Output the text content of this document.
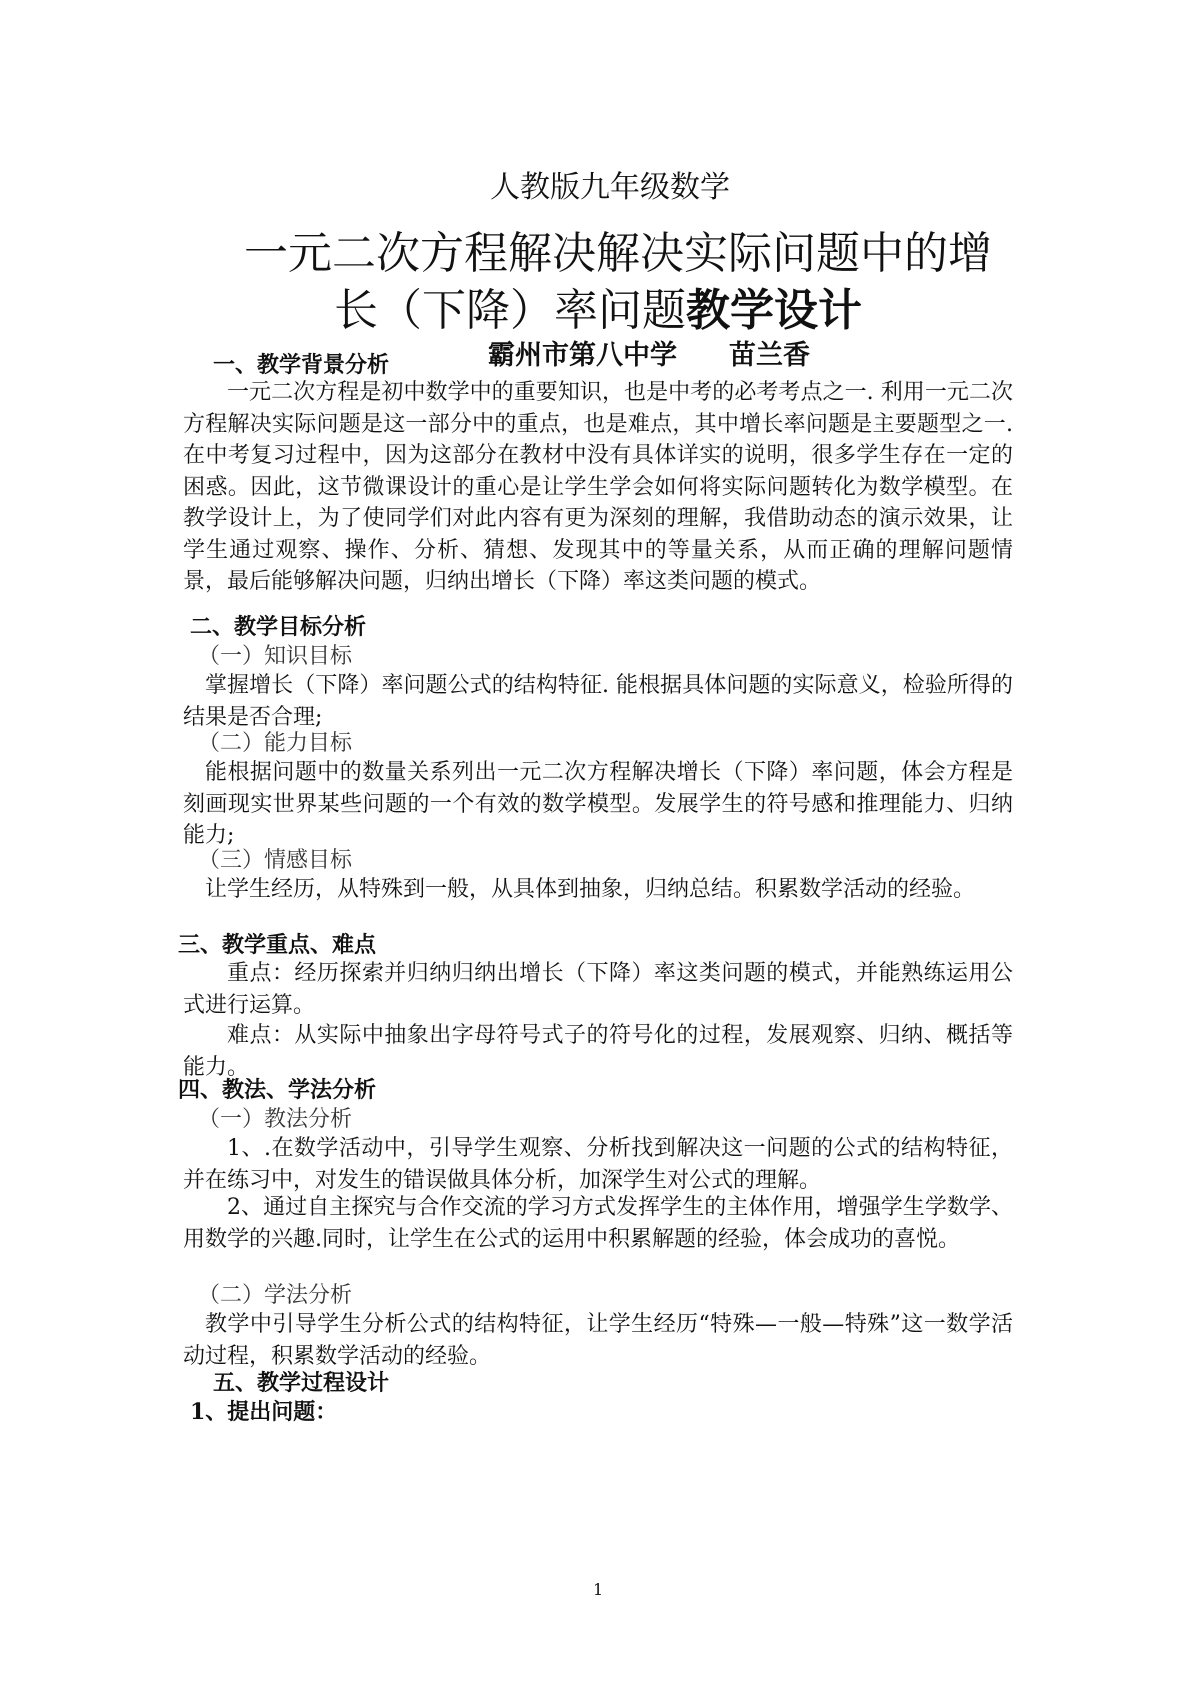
人教版九年级数学
一元二次方程解决解决实际问题中的增
长（下降）率问题教学设计
霸州市第八中学 苗兰香
一、教学背景分析
一元二次方程是初中数学中的重要知识，也是中考的必考考点之一. 利用一元二次方程解决实际问题是这一部分中的重点，也是难点，其中增长率问题是主要题型之一. 在中考复习过程中，因为这部分在教材中没有具体详实的说明，很多学生存在一定的困惑。因此，这节微课设计的重心是让学生学会如何将实际问题转化为数学模型。在教学设计上，为了使同学们对此内容有更为深刻的理解，我借助动态的演示效果，让学生通过观察、操作、分析、猜想、发现其中的等量关系，从而正确的理解问题情景，最后能够解决问题，归纳出增长（下降）率这类问题的模式。
二、教学目标分析
（一）知识目标
掌握增长（下降）率问题公式的结构特征. 能根据具体问题的实际意义，检验所得的结果是否合理;
（二）能力目标
能根据问题中的数量关系列出一元二次方程解决增长（下降）率问题，体会方程是刻画现实世界某些问题的一个有效的数学模型。发展学生的符号感和推理能力、归纳能力;
（三）情感目标
让学生经历，从特殊到一般，从具体到抽象，归纳总结。积累数学活动的经验。
三、教学重点、难点
重点：经历探索并归纳归纳出增长（下降）率这类问题的模式，并能熟练运用公式进行运算。
难点：从实际中抽象出字母符号式子的符号化的过程，发展观察、归纳、概括等能力。
四、教法、学法分析
（一）教法分析
1、.在数学活动中，引导学生观察、分析找到解决这一问题的公式的结构特征，并在练习中，对发生的错误做具体分析，加深学生对公式的理解。
2、通过自主探究与合作交流的学习方式发挥学生的主体作用，增强学生学数学、用数学的兴趣.同时，让学生在公式的运用中积累解题的经验，体会成功的喜悦。
（二）学法分析
教学中引导学生分析公式的结构特征，让学生经历“特殊—一般—特殊”这一数学活动过程，积累数学活动的经验。
五、教学过程设计
1、提出问题：
1
